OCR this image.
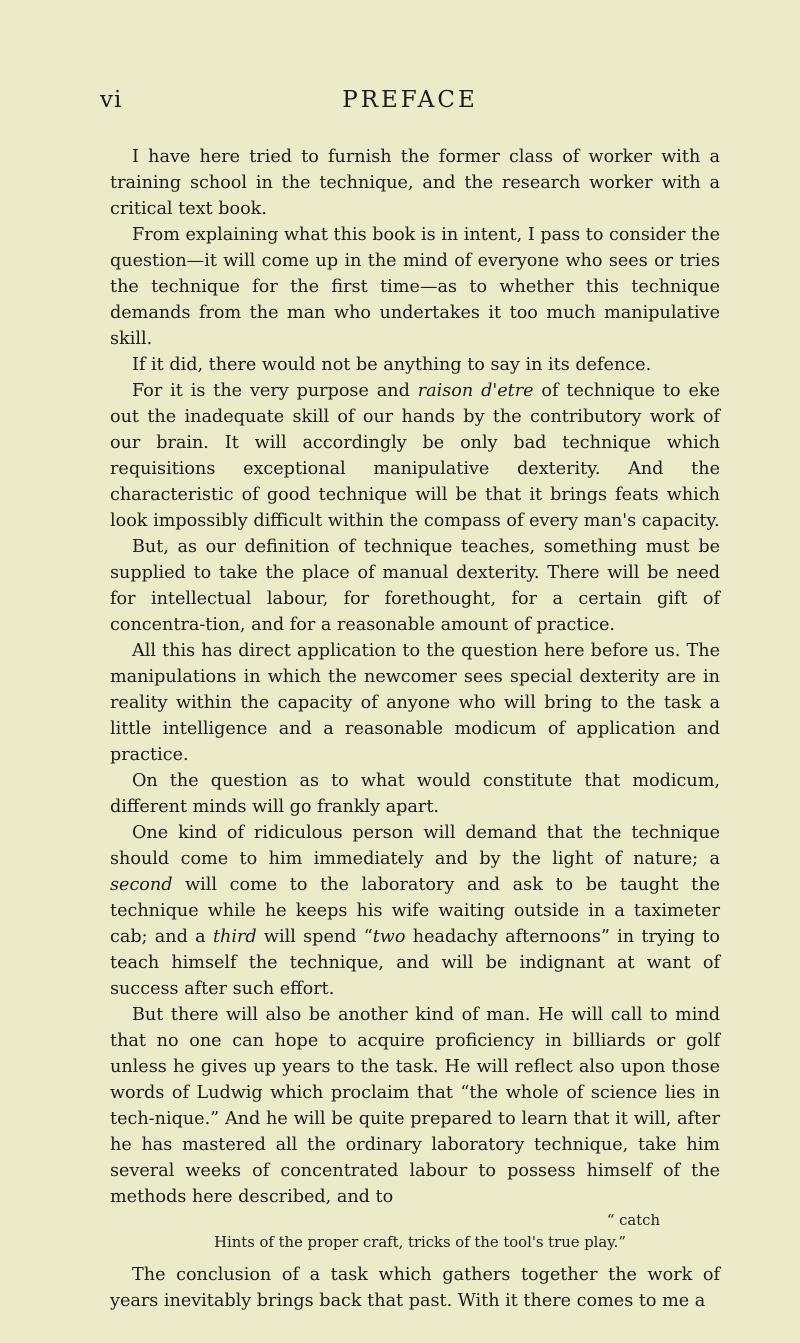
vi	PREFACE

I have here tried to furnish the former class of worker with a training school in the technique, and the research worker with a critical text book.

From explaining what this book is in intent, I pass to consider the question—it will come up in the mind of everyone who sees or tries the technique for the first time—as to whether this technique demands from the man who undertakes it too much manipulative skill.

If it did, there would not be anything to say in its defence.

For it is the very purpose and raison d'etre of technique to eke out the inadequate skill of our hands by the contributory work of our brain. It will accordingly be only bad technique which requisitions exceptional manipulative dexterity. And the characteristic of good technique will be that it brings feats which look impossibly difficult within the compass of every man's capacity.

But, as our definition of technique teaches, something must be supplied to take the place of manual dexterity. There will be need for intellectual labour, for forethought, for a certain gift of concentra-tion, and for a reasonable amount of practice.

All this has direct application to the question here before us. The manipulations in which the newcomer sees special dexterity are in reality within the capacity of anyone who will bring to the task a little intelligence and a reasonable modicum of application and practice.

On the question as to what would constitute that modicum, different minds will go frankly apart.

One kind of ridiculous person will demand that the technique should come to him immediately and by the light of nature; a second will come to the laboratory and ask to be taught the technique while he keeps his wife waiting outside in a taximeter cab; and a third will spend “two headachy afternoons” in trying to teach himself the technique, and will be indignant at want of success after such effort.

But there will also be another kind of man. He will call to mind that no one can hope to acquire proficiency in billiards or golf unless he gives up years to the task. He will reflect also upon those words of Ludwig which proclaim that “the whole of science lies in tech-nique.” And he will be quite prepared to learn that it will, after he has mastered all the ordinary laboratory technique, take him several weeks of concentrated labour to possess himself of the methods here described, and to

“ catch
Hints of the proper craft, tricks of the tool's true play.”

The conclusion of a task which gathers together the work of years inevitably brings back that past. With it there comes to me a
